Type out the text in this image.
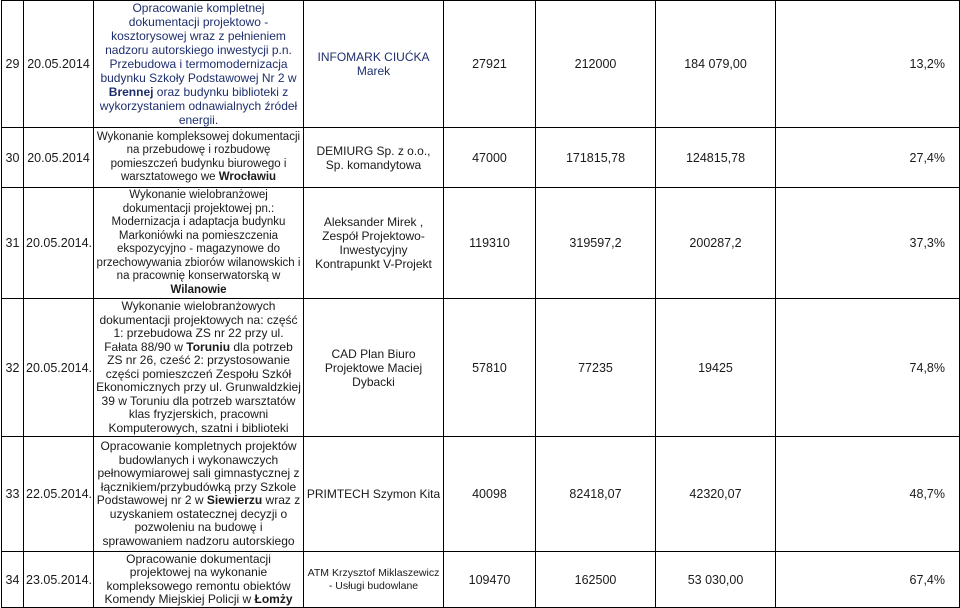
29	20.05.2014	Opracowanie kompletnej dokumentacji projektowo - kosztorysowej wraz z pełnieniem nadzoru autorskiego inwestycji p.n. Przebudowa i termomodernizacja budynku Szkoły Podstawowej Nr 2 w Brennej oraz budynku biblioteki z wykorzystaniem odnawialnych źródeł energii.	INFOMARK CIUĆKA Marek	27921	212000	184 079,00	13,2%
30	20.05.2014	Wykonanie kompleksowej dokumentacji na przebudowę i rozbudowę pomieszczeń budynku biurowego i warsztatowego we Wrocławiu	DEMIURG Sp. z o.o., Sp. komandytowa	47000	171815,78	124815,78	27,4%
31	20.05.2014.	Wykonanie wielobranżowej dokumentacji projektowej pn.: Modernizacja i adaptacja budynku Markoniówki na pomieszczenia ekspozycyjno - magazynowe do przechowywania zbiorów wilanowskich i na pracownię konserwatorską w Wilanowie	Aleksander Mirek , Zespół Projektowo-Inwestycyjny Kontrapunkt V-Projekt	119310	319597,2	200287,2	37,3%
32	20.05.2014.	Wykonanie wielobranżowych dokumentacji projektowych na: część 1: przebudowa ZS nr 22 przy ul. Fałata 88/90 w Toruniu dla potrzeb ZS nr 26, cześć 2: przystosowanie części pomieszczeń Zespołu Szkół Ekonomicznych przy ul. Grunwaldzkiej 39 w Toruniu dla potrzeb warsztatów klas fryzjerskich, pracowni Komputerowych, szatni i biblioteki	CAD Plan Biuro Projektowe Maciej Dybacki	57810	77235	19425	74,8%
33	22.05.2014.	Opracowanie kompletnych projektów budowlanych i wykonawczych pełnowymiarowej sali gimnastycznej z łącznikiem/przybudówką przy Szkole Podstawowej nr 2 w Siewierzu wraz z uzyskaniem ostatecznej decyzji o pozwoleniu na budowę i sprawowaniem nadzoru autorskiego	PRIMTECH Szymon Kita	40098	82418,07	42320,07	48,7%
34	23.05.2014.	Opracowanie dokumentacji projektowej na wykonanie kompleksowego remontu obiektów Komendy Miejskiej Policji w Łomży	ATM Krzysztof Miklaszewicz - Usługi budowlane	109470	162500	53 030,00	67,4%
